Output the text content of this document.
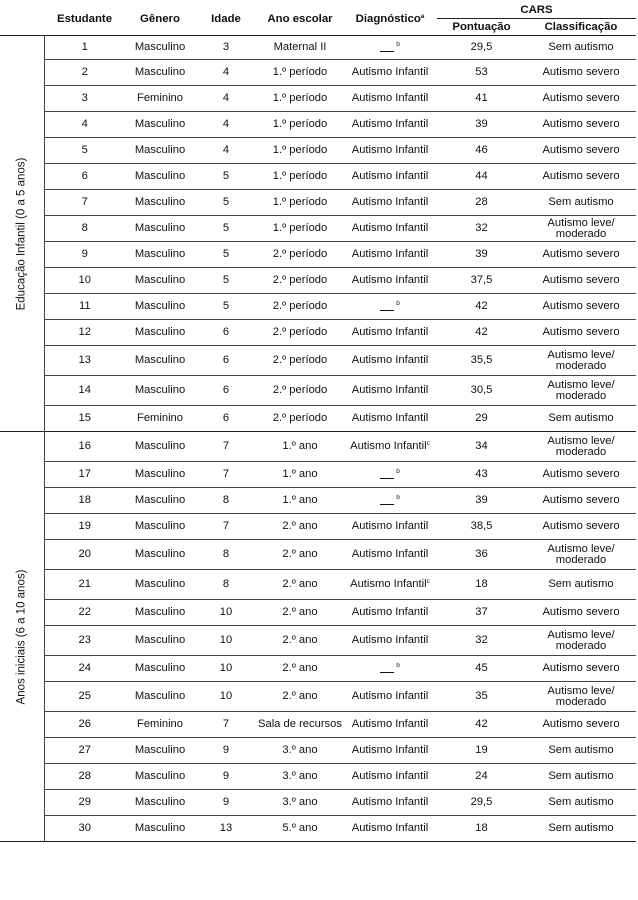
	Estudante	Gênero	Idade	Ano escolar	Diagnóstico$^a$	CARS	
						Pontuação	Classificação

Educação Infantil (0 a 5 anos)	1	Masculino	3	Maternal II	$^b$	29,5	Sem autismo
	2	Masculino	4	1.º período	Autismo Infantil	53	Autismo severo
	3	Feminino	4	1.º período	Autismo Infantil	41	Autismo severo
	4	Masculino	4	1.º período	Autismo Infantil	39	Autismo severo
	5	Masculino	4	1.º período	Autismo Infantil	46	Autismo severo
	6	Masculino	5	1.º período	Autismo Infantil	44	Autismo severo
	7	Masculino	5	1.º período	Autismo Infantil	28	Sem autismo
	8	Masculino	5	1.º período	Autismo Infantil	32	Autismo leve/ moderado
	9	Masculino	5	2.º período	Autismo Infantil	39	Autismo severo
	10	Masculino	5	2.º período	Autismo Infantil	37,5	Autismo severo
	11	Masculino	5	2.º período	$^b$	42	Autismo severo
	12	Masculino	6	2.º período	Autismo Infantil	42	Autismo severo
	13	Masculino	6	2.º período	Autismo Infantil	35,5	Autismo leve/ moderado
	14	Masculino	6	2.º período	Autismo Infantil	30,5	Autismo leve/ moderado
	15	Feminino	6	2.º período	Autismo Infantil	29	Sem autismo

Anos iniciais (6 a 10 anos)	16	Masculino	7	1.º ano	Autismo Infantil$^c$	34	Autismo leve/ moderado
	17	Masculino	7	1.º ano	$^b$	43	Autismo severo
	18	Masculino	8	1.º ano	$^b$	39	Autismo severo
	19	Masculino	7	2.º ano	Autismo Infantil	38,5	Autismo severo
	20	Masculino	8	2.º ano	Autismo Infantil	36	Autismo leve/ moderado
	21	Masculino	8	2.º ano	Autismo Infantil$^c$	18	Sem autismo
	22	Masculino	10	2.º ano	Autismo Infantil	37	Autismo severo
	23	Masculino	10	2.º ano	Autismo Infantil	32	Autismo leve/ moderado
	24	Masculino	10	2.º ano	$^b$	45	Autismo severo
	25	Masculino	10	2.º ano	Autismo Infantil	35	Autismo leve/ moderado
	26	Feminino	7	Sala de recursos	Autismo Infantil	42	Autismo severo
	27	Masculino	9	3.º ano	Autismo Infantil	19	Sem autismo
	28	Masculino	9	3.º ano	Autismo Infantil	24	Sem autismo
	29	Masculino	9	3.º ano	Autismo Infantil	29,5	Sem autismo
	30	Masculino	13	5.º ano	Autismo Infantil	18	Sem autismo
